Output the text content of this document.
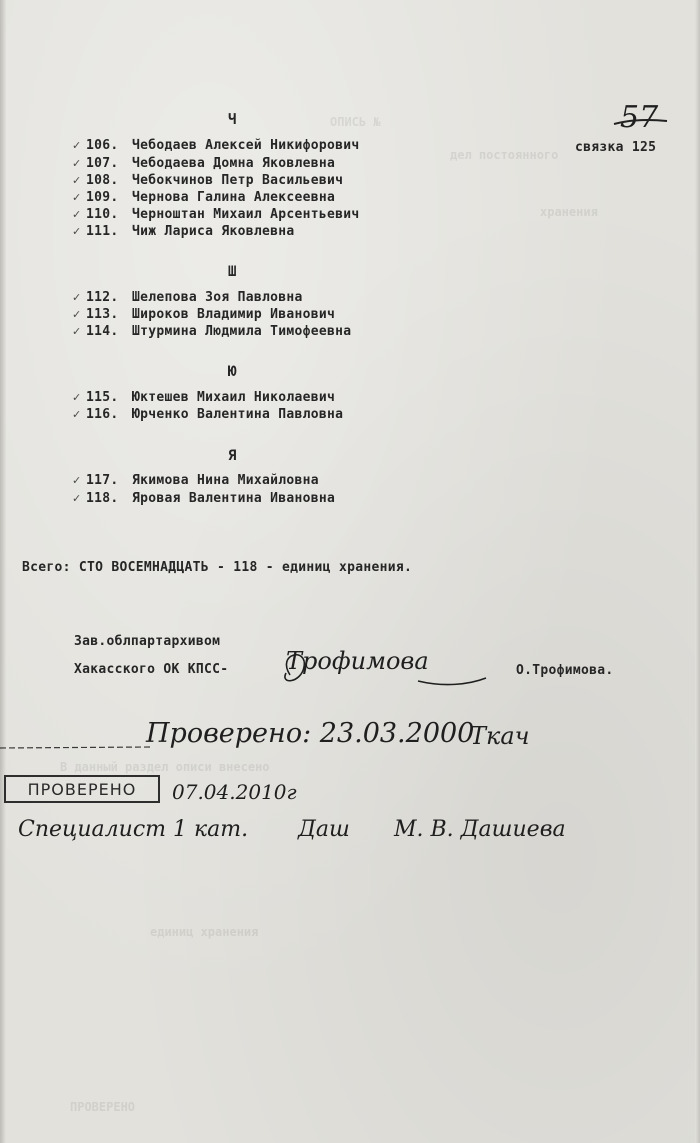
ОПИСЬ №
дел постоянного
хранения
В данный раздел описи внесено
единиц хранения
ПРОВЕРЕНО
57
связка 125
Ч
✓ 106. Чебодаев Алексей Никифорович
✓ 107. Чебодаева Домна Яковлевна
✓ 108. Чебокчинов Петр Васильевич
✓ 109. Чернова Галина Алексеевна
✓ 110. Черноштан Михаил Арсентьевич
✓ 111. Чиж Лариса Яковлевна
Ш
✓ 112. Шелепова Зоя Павловна
✓ 113. Широков Владимир Иванович
✓ 114. Штурмина Людмила Тимофеевна
Ю
✓ 115. Юктешев Михаил Николаевич
✓ 116. Юрченко Валентина Павловна
Я
✓ 117. Якимова Нина Михайловна
✓ 118. Яровая Валентина Ивановна
Всего: СТО ВОСЕМНАДЦАТЬ - 118 - единиц хранения.
Зав.облпартархивом
Хакасского ОК КПСС- Трофимова	О.Трофимова.
Проверено: 23.03.2000
Ткач
ПРОВЕРЕНО	07.04.2010г
Специалист 1 кат. Даш М. В. Дашиева
